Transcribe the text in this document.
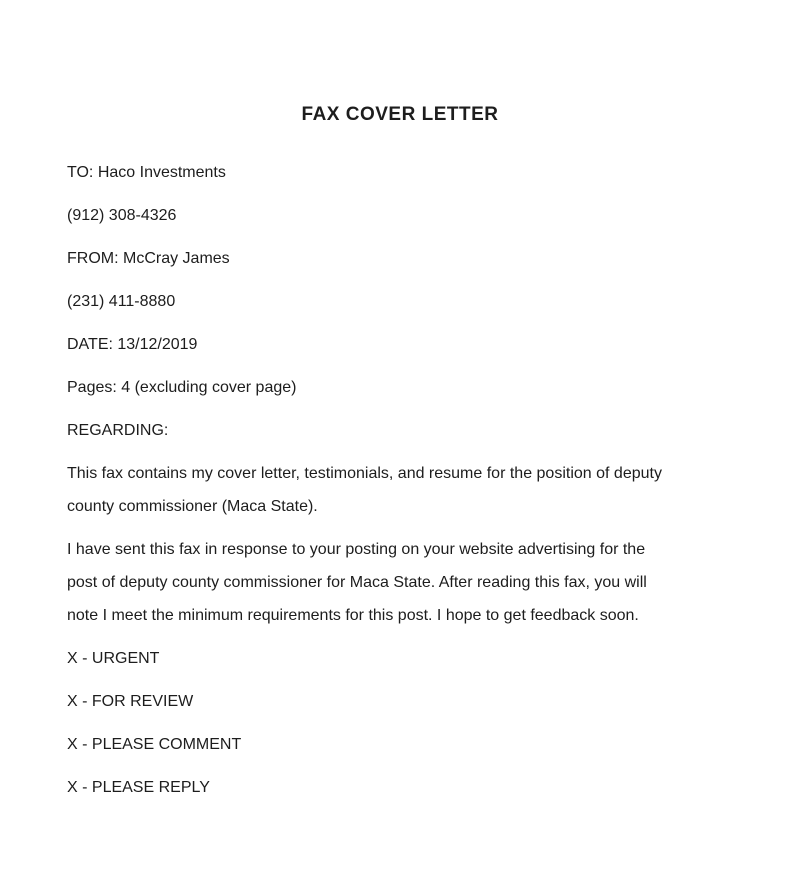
FAX COVER LETTER

TO: Haco Investments

(912) 308-4326

FROM: McCray James

(231) 411-8880

DATE: 13/12/2019

Pages: 4 (excluding cover page)

REGARDING:

This fax contains my cover letter, testimonials, and resume for the position of deputy
county commissioner (Maca State).
I have sent this fax in response to your posting on your website advertising for the
post of deputy county commissioner for Maca State. After reading this fax, you will
note I meet the minimum requirements for this post. I hope to get feedback soon.

X - URGENT

X - FOR REVIEW

X - PLEASE COMMENT

X - PLEASE REPLY
